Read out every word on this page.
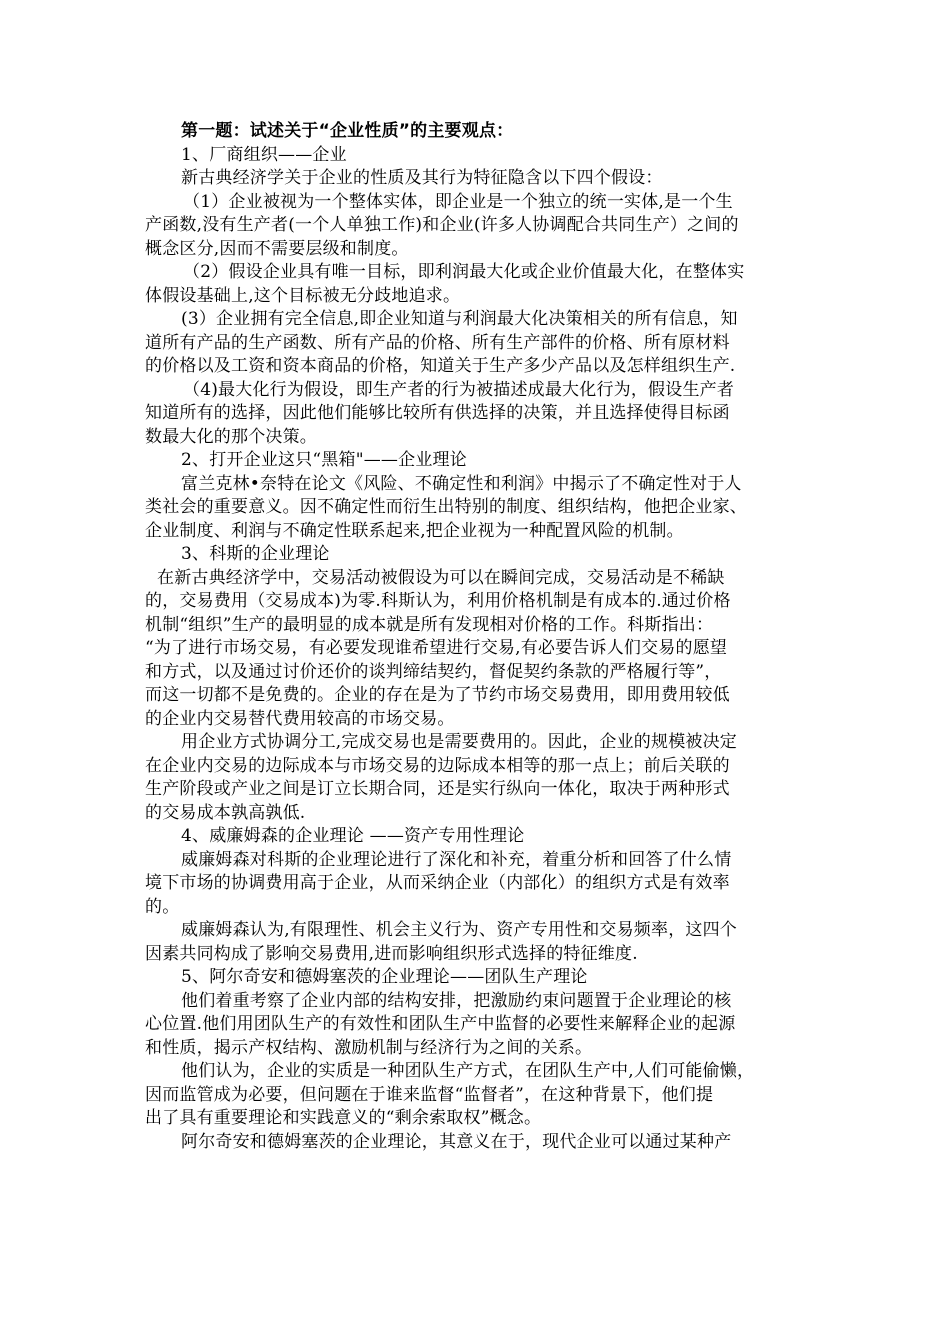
第一题：试述关于“企业性质”的主要观点：
1、厂商组织——企业
新古典经济学关于企业的性质及其行为特征隐含以下四个假设：
（1）企业被视为一个整体实体，即企业是一个独立的统一实体,是一个生
产函数,没有生产者(一个人单独工作)和企业(许多人协调配合共同生产）之间的
概念区分,因而不需要层级和制度。
（2）假设企业具有唯一目标，即利润最大化或企业价值最大化，在整体实
体假设基础上,这个目标被无分歧地追求。
(3）企业拥有完全信息,即企业知道与利润最大化决策相关的所有信息，知
道所有产品的生产函数、所有产品的价格、所有生产部件的价格、所有原材料
的价格以及工资和资本商品的价格，知道关于生产多少产品以及怎样组织生产.
（4)最大化行为假设，即生产者的行为被描述成最大化行为，假设生产者
知道所有的选择，因此他们能够比较所有供选择的决策，并且选择使得目标函
数最大化的那个决策。
2、打开企业这只“黑箱"——企业理论
富兰克林•奈特在论文《风险、不确定性和利润》中揭示了不确定性对于人
类社会的重要意义。因不确定性而衍生出特别的制度、组织结构，他把企业家、
企业制度、利润与不确定性联系起来,把企业视为一种配置风险的机制。
3、科斯的企业理论
在新古典经济学中，交易活动被假设为可以在瞬间完成，交易活动是不稀缺
的，交易费用（交易成本)为零.科斯认为，利用价格机制是有成本的.通过价格
机制“组织”生产的最明显的成本就是所有发现相对价格的工作。科斯指出：
“为了进行市场交易，有必要发现谁希望进行交易,有必要告诉人们交易的愿望
和方式，以及通过讨价还价的谈判缔结契约，督促契约条款的严格履行等”，
而这一切都不是免费的。企业的存在是为了节约市场交易费用，即用费用较低
的企业内交易替代费用较高的市场交易。
用企业方式协调分工,完成交易也是需要费用的。因此，企业的规模被决定
在企业内交易的边际成本与市场交易的边际成本相等的那一点上；前后关联的
生产阶段或产业之间是订立长期合同，还是实行纵向一体化，取决于两种形式
的交易成本孰高孰低.
4、威廉姆森的企业理论 ——资产专用性理论
威廉姆森对科斯的企业理论进行了深化和补充，着重分析和回答了什么情
境下市场的协调费用高于企业，从而采纳企业（内部化）的组织方式是有效率
的。
威廉姆森认为,有限理性、机会主义行为、资产专用性和交易频率，这四个
因素共同构成了影响交易费用,进而影响组织形式选择的特征维度.
5、阿尔奇安和德姆塞茨的企业理论——团队生产理论
他们着重考察了企业内部的结构安排，把激励约束问题置于企业理论的核
心位置.他们用团队生产的有效性和团队生产中监督的必要性来解释企业的起源
和性质，揭示产权结构、激励机制与经济行为之间的关系。
他们认为，企业的实质是一种团队生产方式，在团队生产中,人们可能偷懒，
因而监管成为必要，但问题在于谁来监督“监督者”，在这种背景下，他们提
出了具有重要理论和实践意义的“剩余索取权”概念。
阿尔奇安和德姆塞茨的企业理论，其意义在于，现代企业可以通过某种产
